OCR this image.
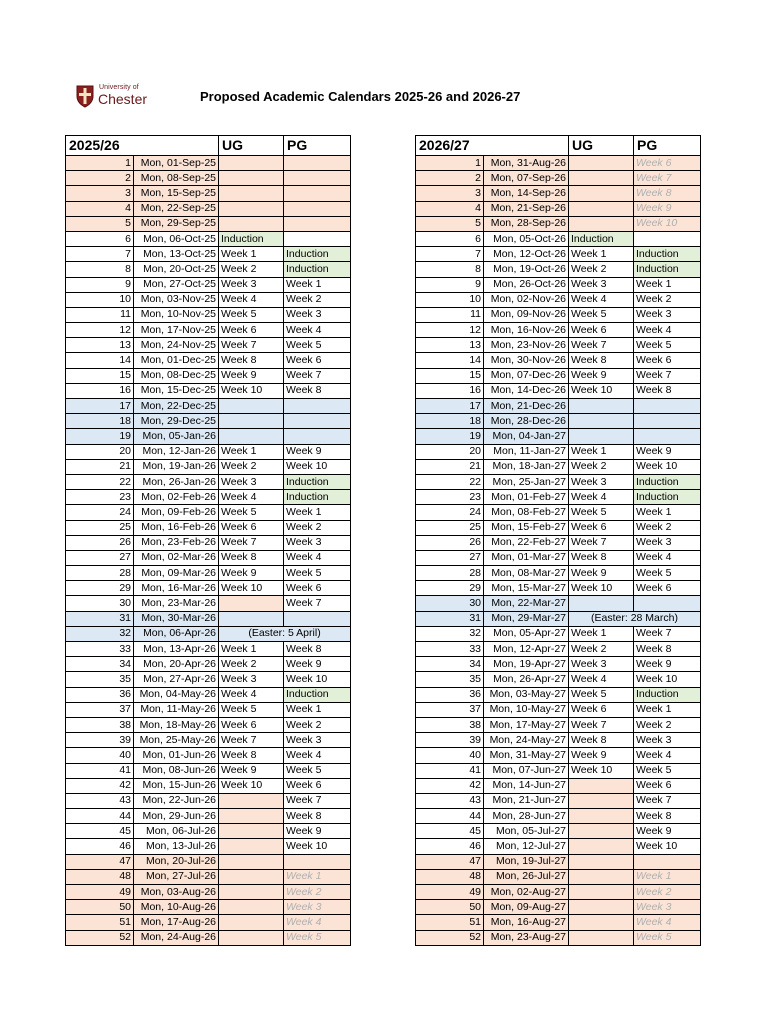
University of
Chester	Proposed Academic Calendars 2025-26 and 2026-27
2025/26		UG	PG
1	Mon, 01-Sep-25		
2	Mon, 08-Sep-25		
3	Mon, 15-Sep-25		
4	Mon, 22-Sep-25		
5	Mon, 29-Sep-25		
6	Mon, 06-Oct-25	Induction	
7	Mon, 13-Oct-25	Week 1	Induction
8	Mon, 20-Oct-25	Week 2	Induction
9	Mon, 27-Oct-25	Week 3	Week 1
10	Mon, 03-Nov-25	Week 4	Week 2
11	Mon, 10-Nov-25	Week 5	Week 3
12	Mon, 17-Nov-25	Week 6	Week 4
13	Mon, 24-Nov-25	Week 7	Week 5
14	Mon, 01-Dec-25	Week 8	Week 6
15	Mon, 08-Dec-25	Week 9	Week 7
16	Mon, 15-Dec-25	Week 10	Week 8
17	Mon, 22-Dec-25		
18	Mon, 29-Dec-25		
19	Mon, 05-Jan-26		
20	Mon, 12-Jan-26	Week 1	Week 9
21	Mon, 19-Jan-26	Week 2	Week 10
22	Mon, 26-Jan-26	Week 3	Induction
23	Mon, 02-Feb-26	Week 4	Induction
24	Mon, 09-Feb-26	Week 5	Week 1
25	Mon, 16-Feb-26	Week 6	Week 2
26	Mon, 23-Feb-26	Week 7	Week 3
27	Mon, 02-Mar-26	Week 8	Week 4
28	Mon, 09-Mar-26	Week 9	Week 5
29	Mon, 16-Mar-26	Week 10	Week 6
30	Mon, 23-Mar-26		Week 7
31	Mon, 30-Mar-26		
32	Mon, 06-Apr-26	(Easter: 5 April)	
33	Mon, 13-Apr-26	Week 1	Week 8
34	Mon, 20-Apr-26	Week 2	Week 9
35	Mon, 27-Apr-26	Week 3	Week 10
36	Mon, 04-May-26	Week 4	Induction
37	Mon, 11-May-26	Week 5	Week 1
38	Mon, 18-May-26	Week 6	Week 2
39	Mon, 25-May-26	Week 7	Week 3
40	Mon, 01-Jun-26	Week 8	Week 4
41	Mon, 08-Jun-26	Week 9	Week 5
42	Mon, 15-Jun-26	Week 10	Week 6
43	Mon, 22-Jun-26		Week 7
44	Mon, 29-Jun-26		Week 8
45	Mon, 06-Jul-26		Week 9
46	Mon, 13-Jul-26		Week 10
47	Mon, 20-Jul-26		
48	Mon, 27-Jul-26		Week 1
49	Mon, 03-Aug-26		Week 2
50	Mon, 10-Aug-26		Week 3
51	Mon, 17-Aug-26		Week 4
52	Mon, 24-Aug-26		Week 5
2026/27		UG	PG
1	Mon, 31-Aug-26		Week 6
2	Mon, 07-Sep-26		Week 7
3	Mon, 14-Sep-26		Week 8
4	Mon, 21-Sep-26		Week 9
5	Mon, 28-Sep-26		Week 10
6	Mon, 05-Oct-26	Induction	
7	Mon, 12-Oct-26	Week 1	Induction
8	Mon, 19-Oct-26	Week 2	Induction
9	Mon, 26-Oct-26	Week 3	Week 1
10	Mon, 02-Nov-26	Week 4	Week 2
11	Mon, 09-Nov-26	Week 5	Week 3
12	Mon, 16-Nov-26	Week 6	Week 4
13	Mon, 23-Nov-26	Week 7	Week 5
14	Mon, 30-Nov-26	Week 8	Week 6
15	Mon, 07-Dec-26	Week 9	Week 7
16	Mon, 14-Dec-26	Week 10	Week 8
17	Mon, 21-Dec-26		
18	Mon, 28-Dec-26		
19	Mon, 04-Jan-27		
20	Mon, 11-Jan-27	Week 1	Week 9
21	Mon, 18-Jan-27	Week 2	Week 10
22	Mon, 25-Jan-27	Week 3	Induction
23	Mon, 01-Feb-27	Week 4	Induction
24	Mon, 08-Feb-27	Week 5	Week 1
25	Mon, 15-Feb-27	Week 6	Week 2
26	Mon, 22-Feb-27	Week 7	Week 3
27	Mon, 01-Mar-27	Week 8	Week 4
28	Mon, 08-Mar-27	Week 9	Week 5
29	Mon, 15-Mar-27	Week 10	Week 6
30	Mon, 22-Mar-27		
31	Mon, 29-Mar-27	(Easter: 28 March)	
32	Mon, 05-Apr-27	Week 1	Week 7
33	Mon, 12-Apr-27	Week 2	Week 8
34	Mon, 19-Apr-27	Week 3	Week 9
35	Mon, 26-Apr-27	Week 4	Week 10
36	Mon, 03-May-27	Week 5	Induction
37	Mon, 10-May-27	Week 6	Week 1
38	Mon, 17-May-27	Week 7	Week 2
39	Mon, 24-May-27	Week 8	Week 3
40	Mon, 31-May-27	Week 9	Week 4
41	Mon, 07-Jun-27	Week 10	Week 5
42	Mon, 14-Jun-27		Week 6
43	Mon, 21-Jun-27		Week 7
44	Mon, 28-Jun-27		Week 8
45	Mon, 05-Jul-27		Week 9
46	Mon, 12-Jul-27		Week 10
47	Mon, 19-Jul-27		
48	Mon, 26-Jul-27		Week 1
49	Mon, 02-Aug-27		Week 2
50	Mon, 09-Aug-27		Week 3
51	Mon, 16-Aug-27		Week 4
52	Mon, 23-Aug-27		Week 5
